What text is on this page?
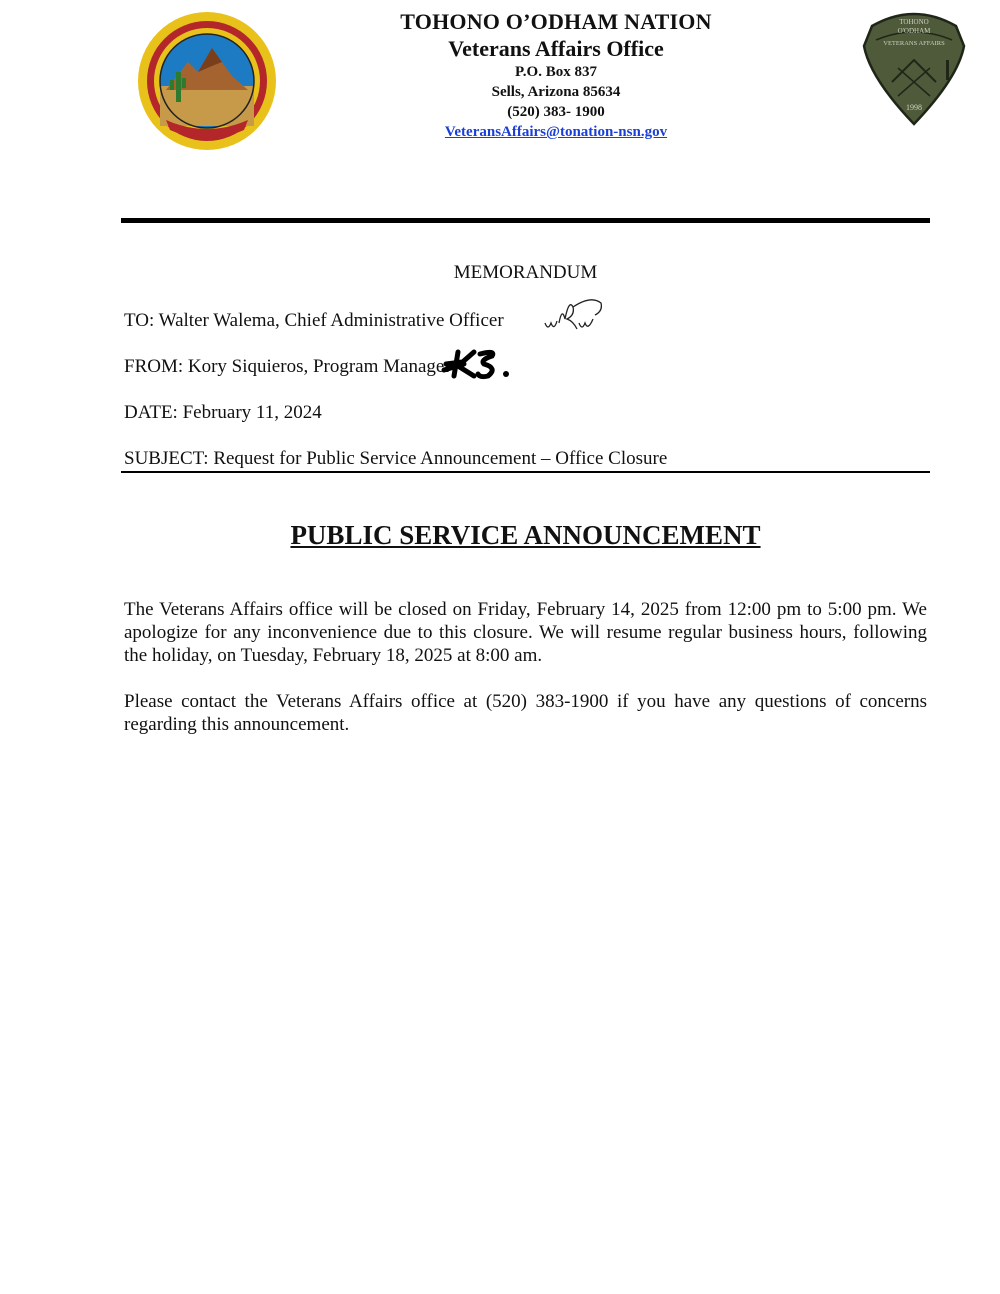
TOHONO
O'ODHAM
VETERANS AFFAIRS
1998
TOHONO O’ODHAM NATION
Veterans Affairs Office
P.O. Box 837
Sells, Arizona 85634
(520) 383- 1900
VeteransAffairs@tonation-nsn.gov
MEMORANDUM
TO: Walter Walema, Chief Administrative Officer
FROM: Kory Siquieros, Program Manager
DATE: February 11, 2024
SUBJECT: Request for Public Service Announcement – Office Closure
PUBLIC SERVICE ANNOUNCEMENT

The Veterans Affairs office will be closed on Friday, February 14, 2025 from 12:00 pm to 5:00 pm. We apologize for any inconvenience due to this closure. We will resume regular business hours, following the holiday, on Tuesday, February 18, 2025 at 8:00 am.

Please contact the Veterans Affairs office at (520) 383-1900 if you have any questions of concerns regarding this announcement.
